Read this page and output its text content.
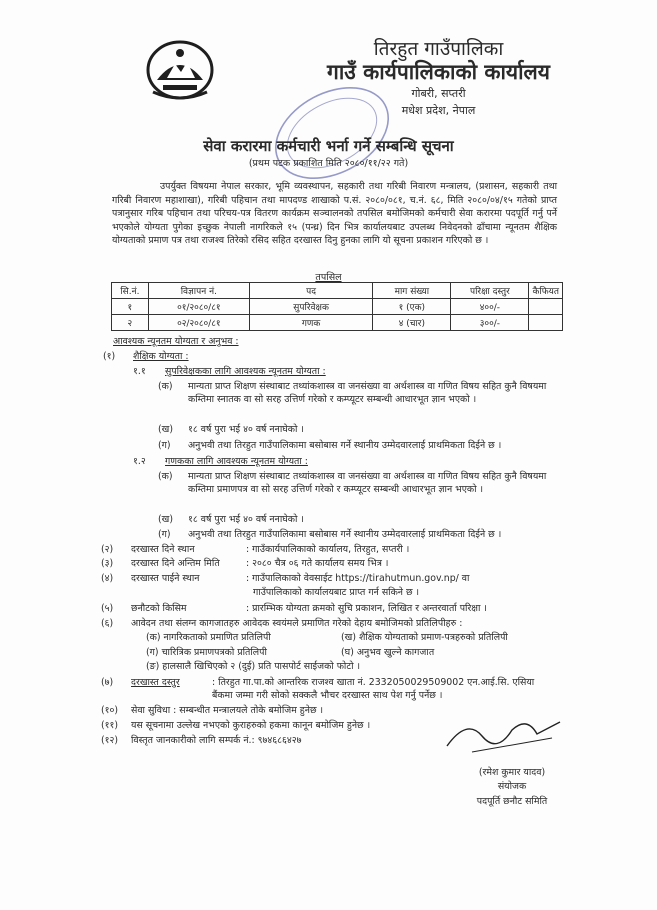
तिरहुत गाउँपालिका
गाउँ कार्यपालिकाको कार्यालय
गोबरी, सप्तरी
मधेश प्रदेश, नेपाल
सेवा करारमा कर्मचारी भर्ना गर्ने सम्बन्धि सूचना
(प्रथम पटक प्रकाशित मिति २०८०/११/२२ गते)
उपर्युक्त विषयमा नेपाल सरकार, भूमि व्यवस्थापन, सहकारी तथा गरिबी निवारण मन्त्रालय, (प्रशासन, सहकारी तथा गरिबी निवारण महाशाखा), गरिबी पहिचान तथा मापदण्ड शाखाको प.सं. २०८०/०८१, च.नं. ६८, मिति २०८०/०४/१५ गतेको प्राप्त पत्रानुसार गरिब पहिचान तथा परिचय-पत्र वितरण कार्यक्रम सञ्चालनको तपसिल बमोजिमको कर्मचारी सेवा करारमा पदपूर्ति गर्नु पर्ने भएकोले योग्यता पुगेका इच्छुक नेपाली नागरिकले १५ (पन्ध्र) दिन भित्र कार्यालयबाट उपलब्ध निवेदनको ढाँचामा न्यूनतम शैक्षिक योग्यताको प्रमाण पत्र तथा राजश्व तिरेको रसिद सहित दरखास्त दिनु हुनका लागि यो सूचना प्रकाशन गरिएको छ ।
तपसिल
सि.नं.	विज्ञापन नं.	पद	माग संख्या	परिक्षा दस्तुर	कैफियत
१	०१/२०८०/८१	सुपरिवेक्षक	१ (एक)	४००/-	
२	०२/२०८०/८१	गणक	४ (चार)	३००/-	
आवश्यक न्यूनतम योग्यता र अनुभव :
(१) शैक्षिक योग्यता :
१.१ सुपरिवेक्षकका लागि आवश्यक न्यूनतम योग्यता :
(क) मान्यता प्राप्त शिक्षण संस्थाबाट तथ्यांकशास्त्र वा जनसंख्या वा अर्थशास्त्र वा गणित विषय सहित कुनै विषयमा कम्तिमा स्नातक वा सो सरह उत्तिर्ण गरेको र कम्प्यूटर सम्बन्धी आधारभूत ज्ञान भएको ।
(ख) १८ वर्ष पुरा भई ४० वर्ष ननाघेको ।
(ग) अनुभवी तथा तिरहुत गाउँपालिकामा बसोबास गर्ने स्थानीय उम्मेदवारलाई प्राथमिकता दिईने छ ।
१.२ गणकका लागि आवश्यक न्यूनतम योग्यता :
(क) मान्यता प्राप्त शिक्षण संस्थाबाट तथ्यांकशास्त्र वा जनसंख्या वा अर्थशास्त्र वा गणित विषय सहित कुनै विषयमा कम्तिमा प्रमाणपत्र वा सो सरह उत्तिर्ण गरेको र कम्प्यूटर सम्बन्धी आधारभूत ज्ञान भएको ।
(ख) १८ वर्ष पुरा भई ४० वर्ष ननाघेको ।
(ग) अनुभवी तथा तिरहुत गाउँपालिकामा बसोबास गर्ने स्थानीय उम्मेदवारलाई प्राथमिकता दिईने छ ।
(२) दरखास्त दिने स्थान	: गाउँकार्यपालिकाको कार्यालय, तिरहुत, सप्तरी ।
(३) दरखास्त दिने अन्तिम मिति	: २०८० चैत्र ०६ गते कार्यालय समय भित्र ।
(४) दरखास्त पाईने स्थान	: गाउँपालिकाको वेवसाईट https://tirahutmun.gov.np/ वा
गाउँपालिकाको कार्यालयबाट प्राप्त गर्न सकिने छ ।
(५) छनौटको किसिम	: प्रारम्भिक योग्यता क्रमको सुचि प्रकाशन, लिखित र अन्तरवार्ता परिक्षा ।
(६) आवेदन तथा संलग्न कागजातहरु आवेदक स्वयंमले प्रमाणित गरेको देहाय बमोजिमको प्रतिलिपीहरु :
(क) नागरिकताको प्रमाणित प्रतिलिपी	(ख) शैक्षिक योग्यताको प्रमाण-पत्रहरुको प्रतिलिपी
(ग) चारित्रिक प्रमाणपत्रको प्रतिलिपी	(घ) अनुभव खुल्ने कागजात
(ङ) हालसालै खिचिएको २ (दुई) प्रति पासपोर्ट साईजको फोटो ।
(७) दरखास्त दस्तुर	: तिरहुत गा.पा.को आन्तरिक राजश्व खाता नं. 2332050029509002 एन.आई.सि. एसिया बैंकमा जम्मा गरी सोको सक्कलै भौचर दरखास्त साथ पेश गर्नु पर्नेछ ।
(१०) सेवा सुविधा : सम्बन्धीत मन्त्रालयले तोके बमोजिम हुनेछ ।
(११) यस सूचनामा उल्लेख नभएको कुराहरुको हकमा कानून बमोजिम हुनेछ ।
(१२) विस्तृत जानकारीको लागि सम्पर्क नं.: ९७४६८६४२७
(रमेश कुमार यादव)
संयोजक
पदपूर्ति छनौट समिति
